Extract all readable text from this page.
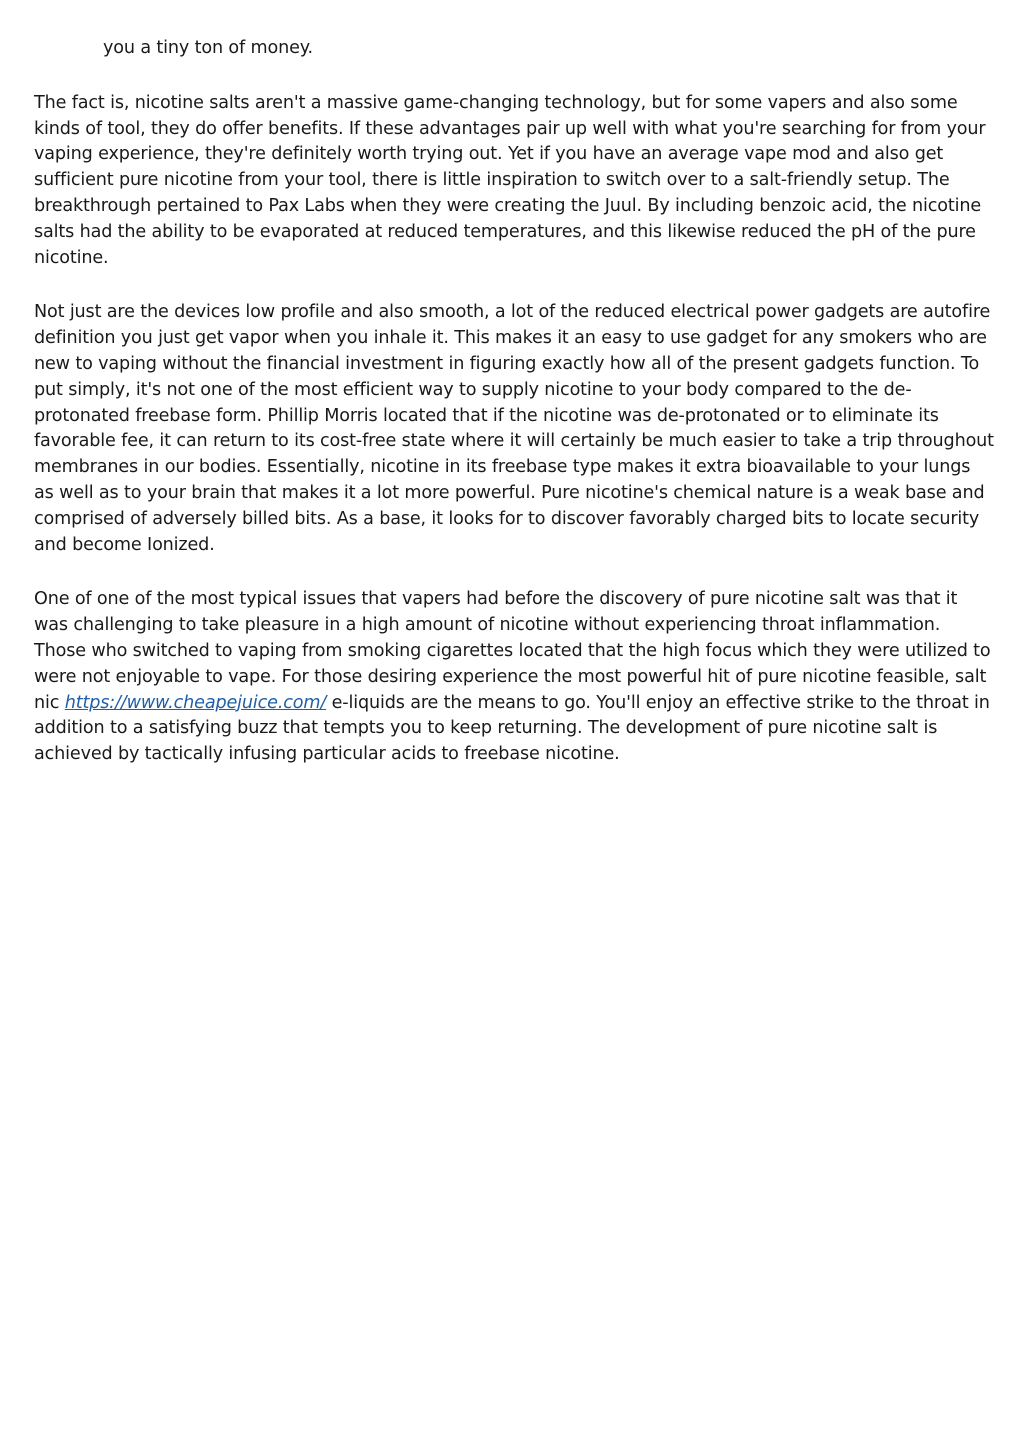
you a tiny ton of money.

The fact is, nicotine salts aren't a massive game-changing technology, but for some vapers and also some kinds of tool, they do offer benefits. If these advantages pair up well with what you're searching for from your vaping experience, they're definitely worth trying out. Yet if you have an average vape mod and also get sufficient pure nicotine from your tool, there is little inspiration to switch over to a salt-friendly setup. The breakthrough pertained to Pax Labs when they were creating the Juul. By including benzoic acid, the nicotine salts had the ability to be evaporated at reduced temperatures, and this likewise reduced the pH of the pure nicotine.

Not just are the devices low profile and also smooth, a lot of the reduced electrical power gadgets are autofire definition you just get vapor when you inhale it. This makes it an easy to use gadget for any smokers who are new to vaping without the financial investment in figuring exactly how all of the present gadgets function. To put simply, it's not one of the most efficient way to supply nicotine to your body compared to the de-protonated freebase form. Phillip Morris located that if the nicotine was de-protonated or to eliminate its favorable fee, it can return to its cost-free state where it will certainly be much easier to take a trip throughout membranes in our bodies. Essentially, nicotine in its freebase type makes it extra bioavailable to your lungs as well as to your brain that makes it a lot more powerful. Pure nicotine's chemical nature is a weak base and comprised of adversely billed bits. As a base, it looks for to discover favorably charged bits to locate security and become Ionized.

One of one of the most typical issues that vapers had before the discovery of pure nicotine salt was that it was challenging to take pleasure in a high amount of nicotine without experiencing throat inflammation. Those who switched to vaping from smoking cigarettes located that the high focus which they were utilized to were not enjoyable to vape. For those desiring experience the most powerful hit of pure nicotine feasible, salt nic https://www.cheapejuice.com/ e-liquids are the means to go. You'll enjoy an effective strike to the throat in addition to a satisfying buzz that tempts you to keep returning. The development of pure nicotine salt is achieved by tactically infusing particular acids to freebase nicotine.
